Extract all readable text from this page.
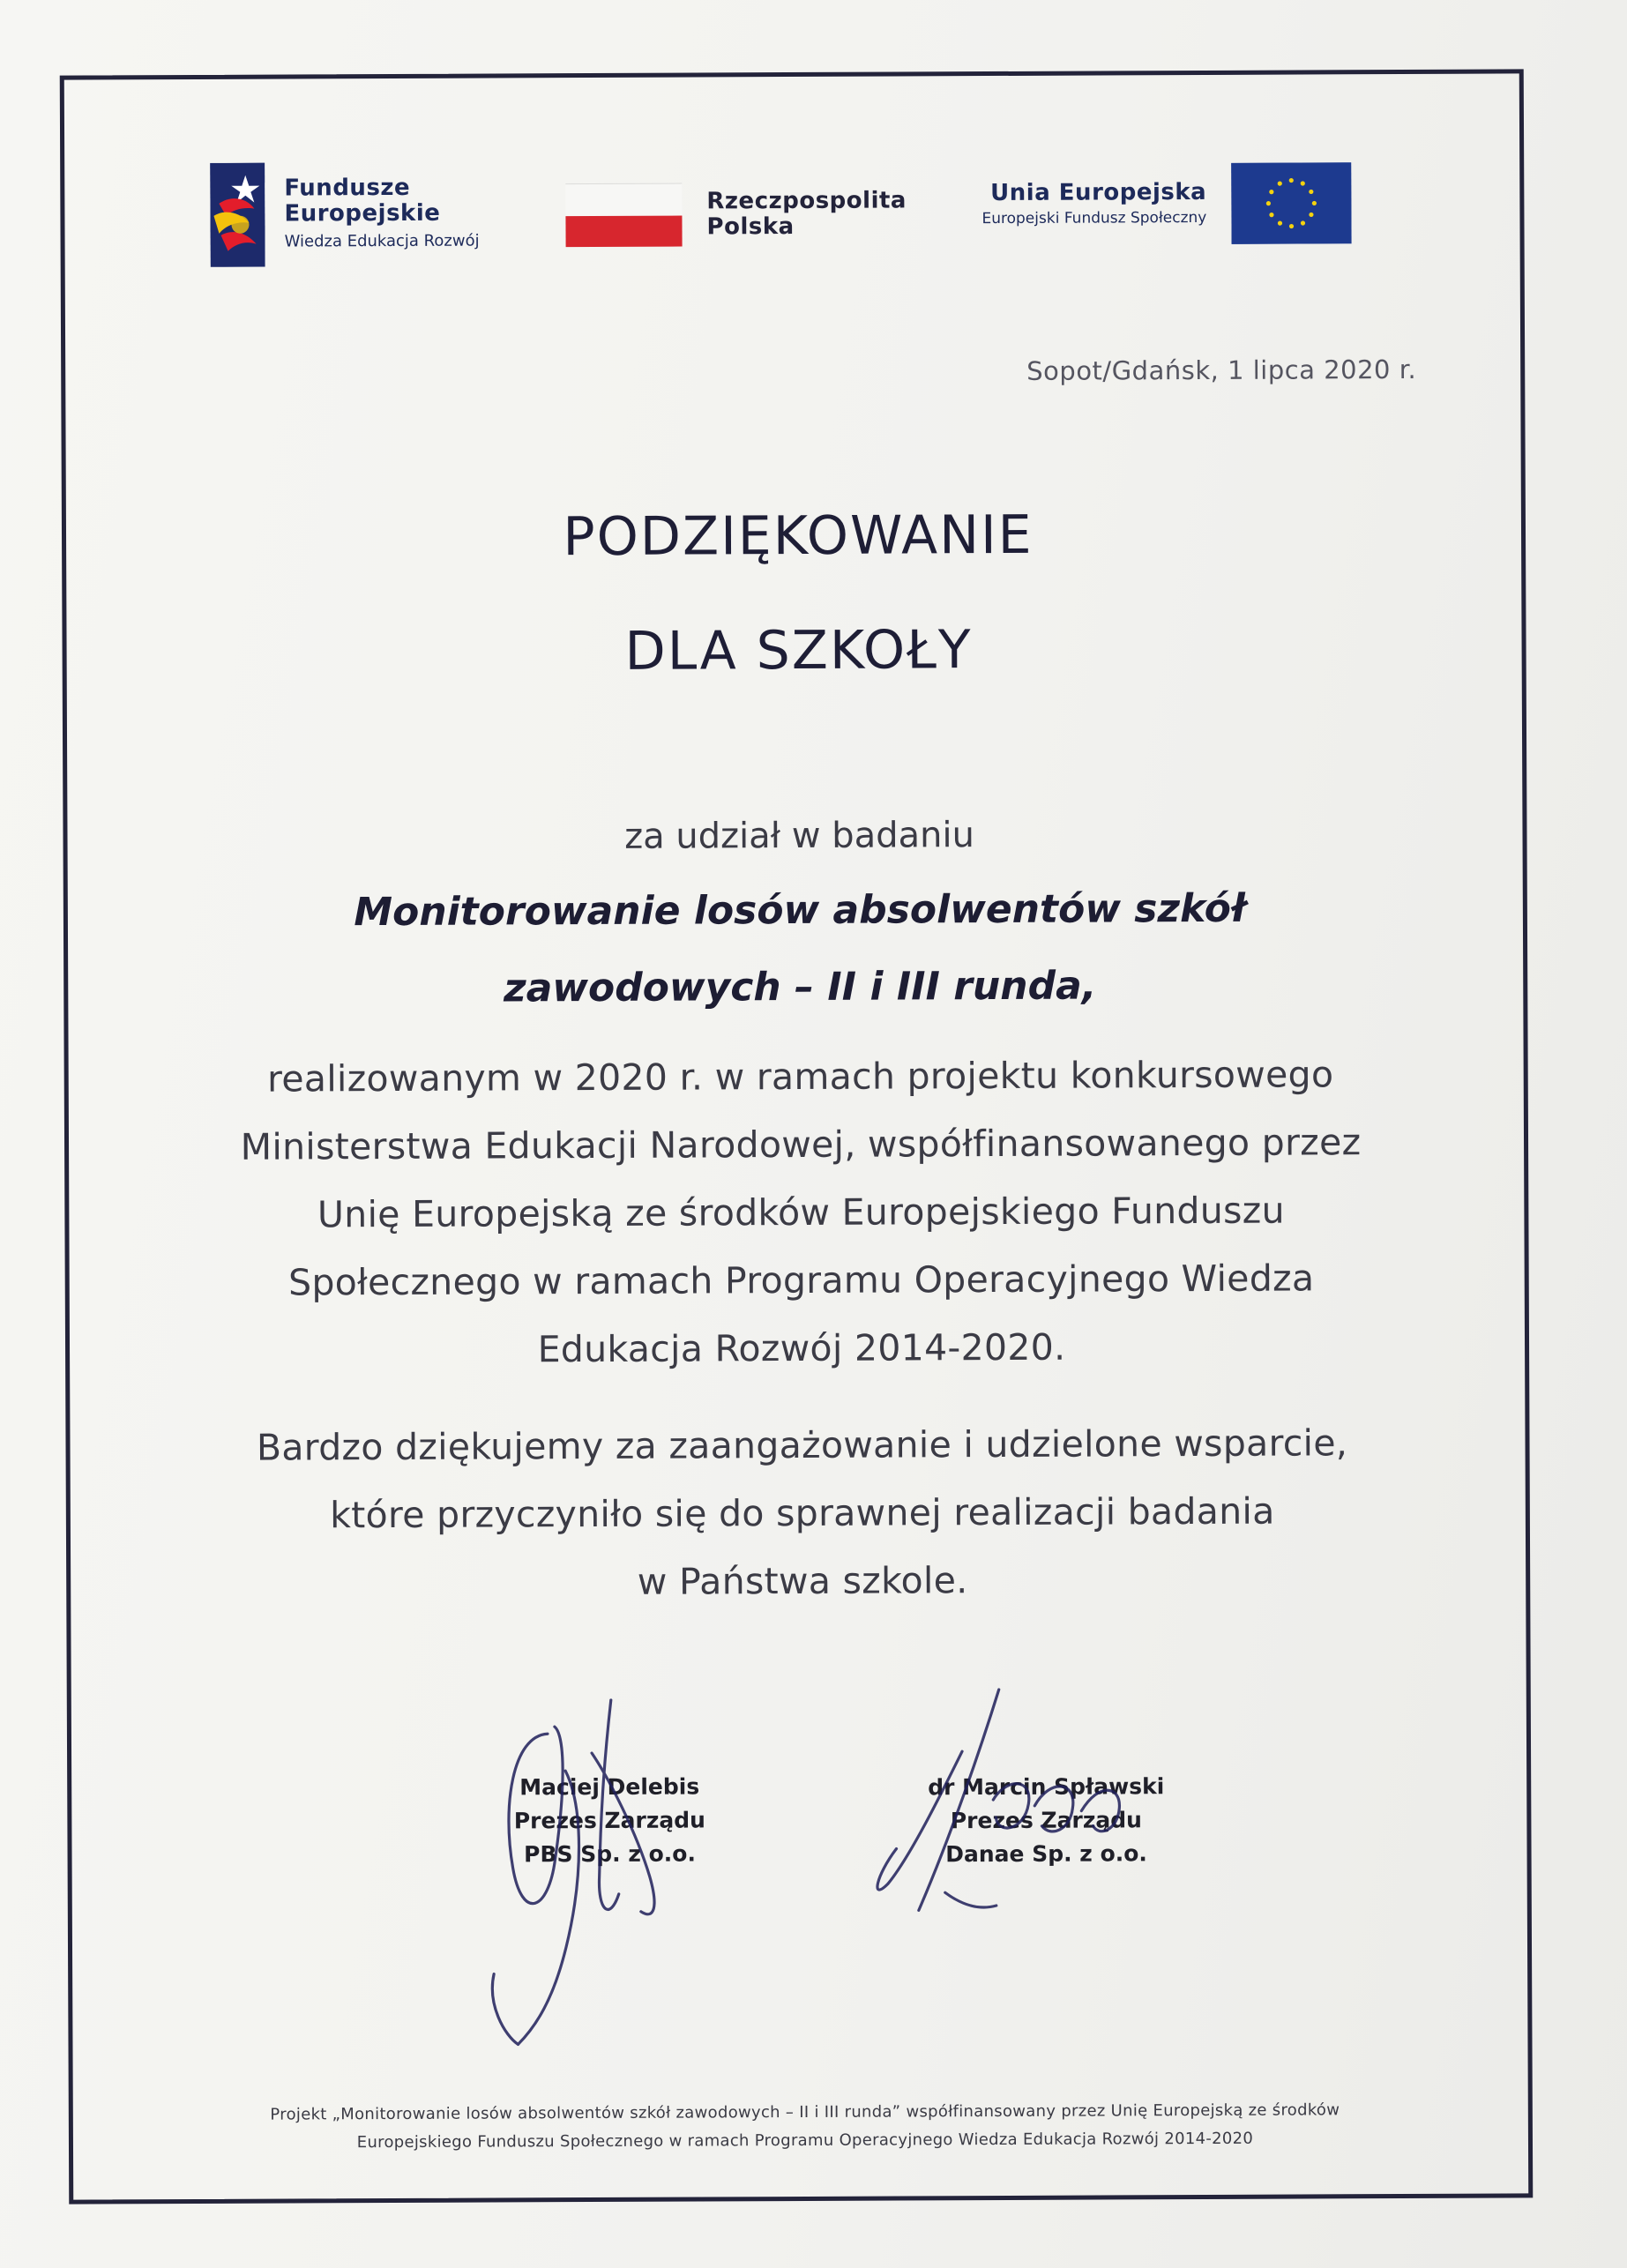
Fundusze
Europejskie
Wiedza Edukacja Rozwój
Rzeczpospolita
Polska
Unia Europejska
Europejski Fundusz Społeczny
Sopot/Gdańsk, 1 lipca 2020 r.
PODZIĘKOWANIE
DLA SZKOŁY
za udział w badaniu
Monitorowanie losów absolwentów szkół
zawodowych – II i III runda,
realizowanym w 2020 r. w ramach projektu konkursowego
Ministerstwa Edukacji Narodowej, współfinansowanego przez
Unię Europejską ze środków Europejskiego Funduszu
Społecznego w ramach Programu Operacyjnego Wiedza
Edukacja Rozwój 2014-2020.
Bardzo dziękujemy za zaangażowanie i udzielone wsparcie,
które przyczyniło się do sprawnej realizacji badania
w Państwa szkole.
Maciej Delebis
Prezes Zarządu
PBS Sp. z o.o.
dr Marcin Spławski
Prezes Zarządu
Danae Sp. z o.o.
Projekt „Monitorowanie losów absolwentów szkół zawodowych – II i III runda” współfinansowany przez Unię Europejską ze środków
Europejskiego Funduszu Społecznego w ramach Programu Operacyjnego Wiedza Edukacja Rozwój 2014-2020
